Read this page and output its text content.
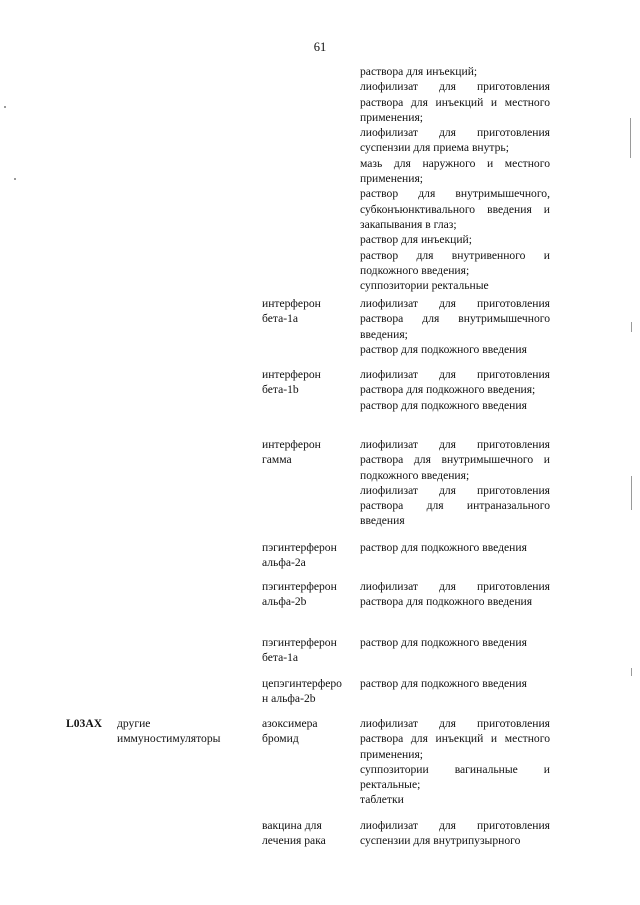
61
раствора для инъекций;
лиофилизат для приготовления раствора для инъекций и местного применения;
лиофилизат для приготовления суспензии для приема внутрь;
мазь для наружного и местного применения;
раствор для внутримышечного, субконъюнктивального введения и закапывания в глаз;
раствор для инъекций;
раствор для внутривенного и подкожного введения;
суппозитории ректальные
интерферон
бета-1a
лиофилизат для приготовления раствора для внутримышечного введения;
раствор для подкожного введения
интерферон
бета-1b
лиофилизат для приготовления раствора для подкожного введения;
раствор для подкожного введения
интерферон
гамма
лиофилизат для приготовления раствора для внутримышечного и подкожного введения;
лиофилизат для приготовления раствора для интраназального введения
пэгинтерферон
альфа-2a
раствор для подкожного введения
пэгинтерферон
альфа-2b
лиофилизат для приготовления раствора для подкожного введения
пэгинтерферон
бета-1a
раствор для подкожного введения
цепэгинтерферо
н альфа-2b
раствор для подкожного введения
L03AX другие
иммуностимуляторы
азоксимера
бромид
лиофилизат для приготовления раствора для инъекций и местного применения;
суппозитории вагинальные и ректальные;
таблетки
вакцина для
лечения рака
лиофилизат для приготовления суспензии для внутрипузырного
